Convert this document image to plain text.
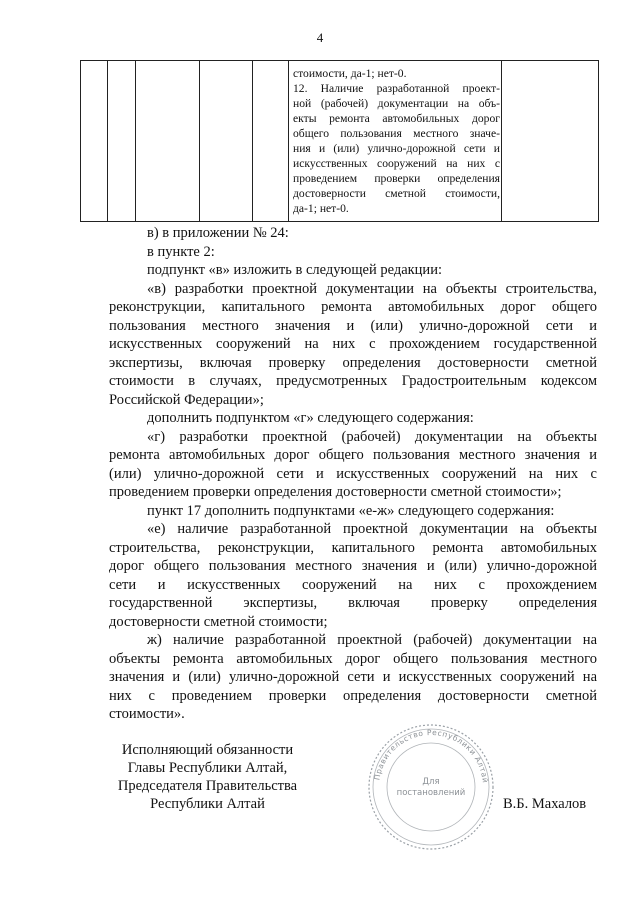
4
стоимости, да-1; нет-0.
12. Наличие разработанной проект-
ной (рабочей) документации на объ-
екты ремонта автомобильных дорог
общего пользования местного значе-
ния и (или) улично-дорожной сети и
искусственных сооружений на них с
проведением проверки определения
достоверности сметной стоимости,
да-1; нет-0.
в) в приложении № 24:
в пункте 2:
подпункт «в» изложить в следующей редакции:
«в) разработки проектной документации на объекты строительства,
реконструкции, капитального ремонта автомобильных дорог общего
пользования местного значения и (или) улично-дорожной сети и
искусственных сооружений на них с прохождением государственной
экспертизы, включая проверку определения достоверности сметной
стоимости в случаях, предусмотренных Градостроительным кодексом
Российской Федерации»;
дополнить подпунктом «г» следующего содержания:
«г) разработки проектной (рабочей) документации на объекты
ремонта автомобильных дорог общего пользования местного значения и
(или) улично-дорожной сети и искусственных сооружений на них с
проведением проверки определения достоверности сметной стоимости»;
пункт 17 дополнить подпунктами «е-ж» следующего содержания:
«е) наличие разработанной проектной документации на объекты
строительства, реконструкции, капитального ремонта автомобильных
дорог общего пользования местного значения и (или) улично-дорожной
сети и искусственных сооружений на них с прохождением
государственной экспертизы, включая проверку определения
достоверности сметной стоимости;
ж) наличие разработанной проектной (рабочей) документации на
объекты ремонта автомобильных дорог общего пользования местного
значения и (или) улично-дорожной сети и искусственных сооружений на
них с проведением проверки определения достоверности сметной
стоимости».
Исполняющий обязанности
Главы Республики Алтай,
Председателя Правительства
Республики Алтай
Правительство Республики Алтай
Для
постановлений
В.Б. Махалов
